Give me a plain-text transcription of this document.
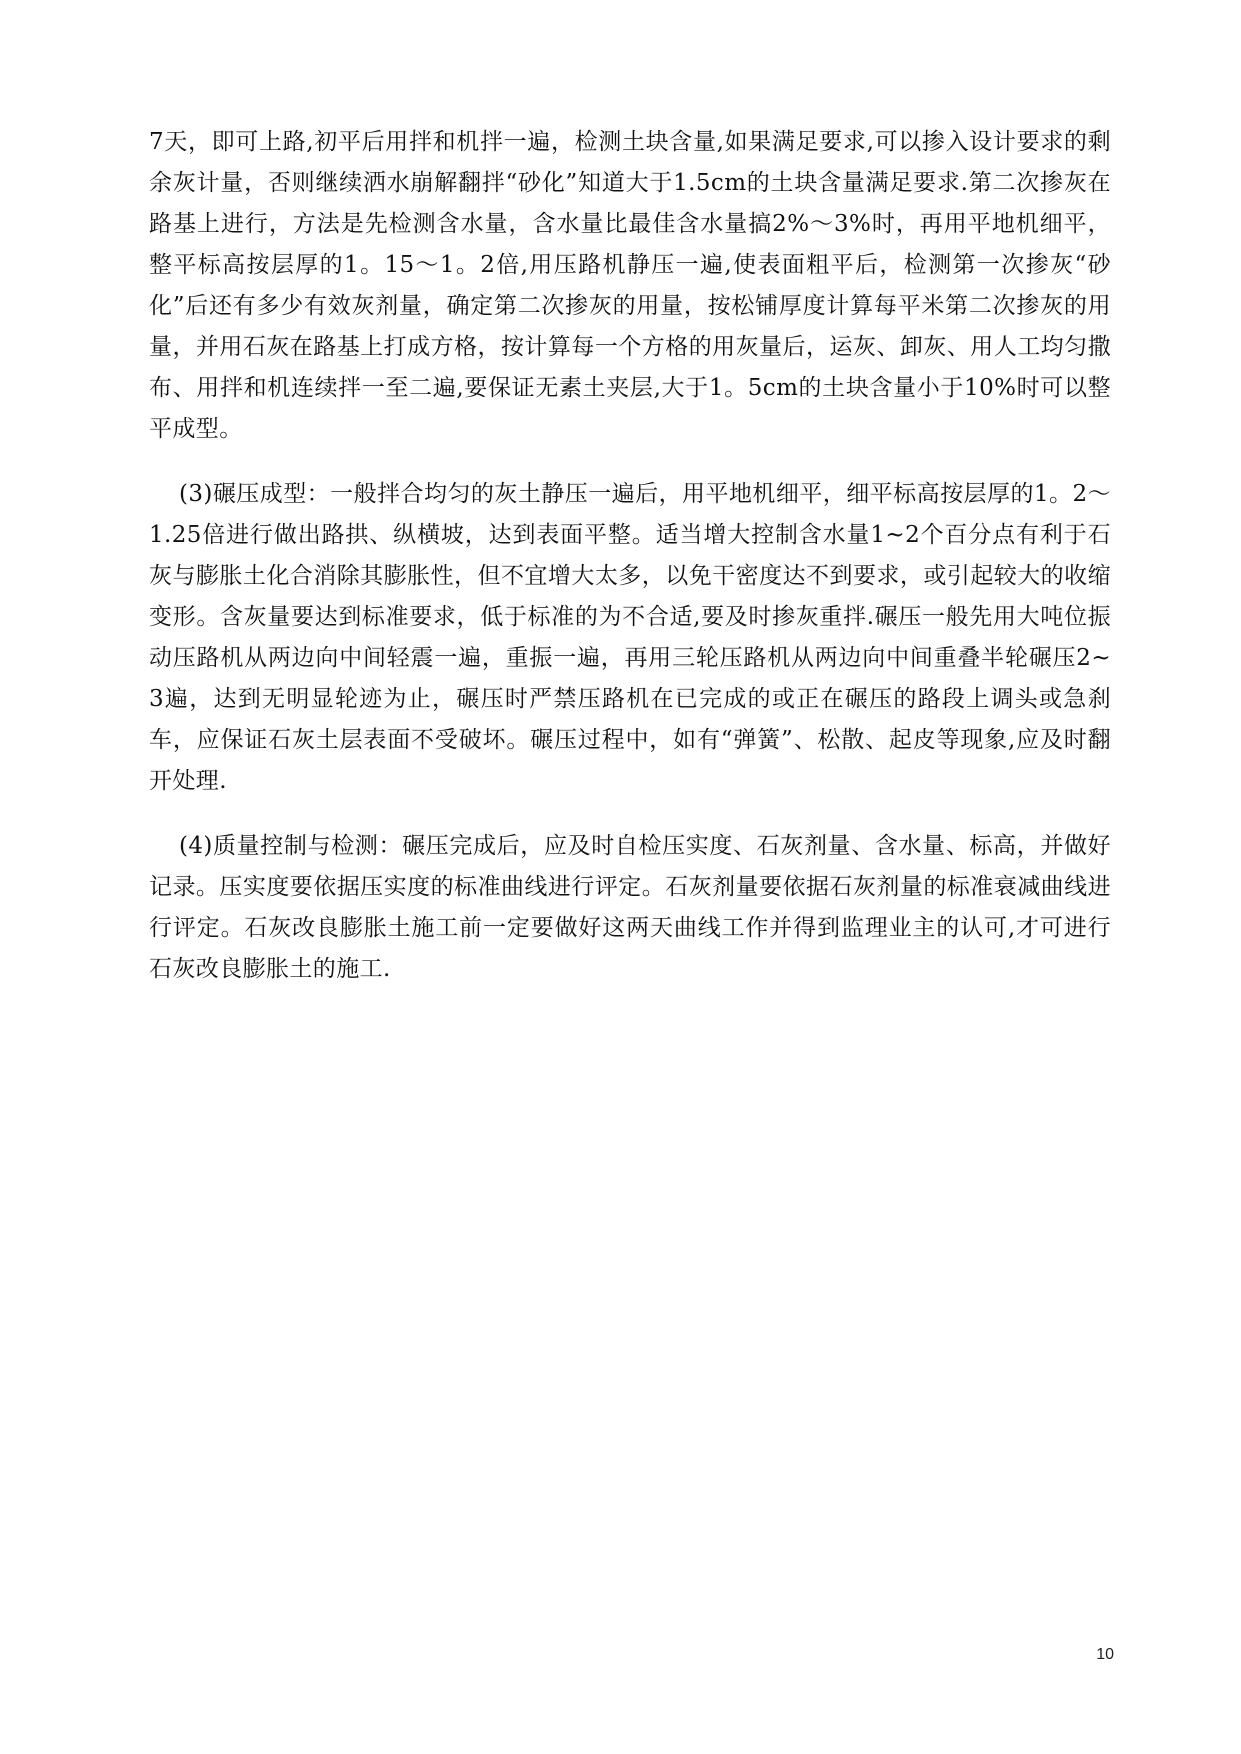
7天，即可上路,初平后用拌和机拌一遍，检测土块含量,如果满足要求,可以掺入设计要求的剩余灰计量，否则继续洒水崩解翻拌“砂化”知道大于1.5cm的土块含量满足要求.第二次掺灰在路基上进行，方法是先检测含水量，含水量比最佳含水量搞2%～3%时，再用平地机细平，整平标高按层厚的1。15～1。2倍,用压路机静压一遍,使表面粗平后，检测第一次掺灰“砂化”后还有多少有效灰剂量，确定第二次掺灰的用量，按松铺厚度计算每平米第二次掺灰的用量，并用石灰在路基上打成方格，按计算每一个方格的用灰量后，运灰、卸灰、用人工均匀撒布、用拌和机连续拌一至二遍,要保证无素土夹层,大于1。5cm的土块含量小于10%时可以整平成型。

(3)碾压成型：一般拌合均匀的灰土静压一遍后，用平地机细平，细平标高按层厚的1。2～1.25倍进行做出路拱、纵横坡，达到表面平整。适当增大控制含水量1~2个百分点有利于石灰与膨胀土化合消除其膨胀性，但不宜增大太多，以免干密度达不到要求，或引起较大的收缩变形。含灰量要达到标准要求，低于标准的为不合适,要及时掺灰重拌.碾压一般先用大吨位振动压路机从两边向中间轻震一遍，重振一遍，再用三轮压路机从两边向中间重叠半轮碾压2~3遍，达到无明显轮迹为止，碾压时严禁压路机在已完成的或正在碾压的路段上调头或急刹车，应保证石灰土层表面不受破坏。碾压过程中，如有“弹簧”、松散、起皮等现象,应及时翻开处理.

(4)质量控制与检测：碾压完成后，应及时自检压实度、石灰剂量、含水量、标高，并做好记录。压实度要依据压实度的标准曲线进行评定。石灰剂量要依据石灰剂量的标准衰减曲线进行评定。石灰改良膨胀土施工前一定要做好这两天曲线工作并得到监理业主的认可,才可进行石灰改良膨胀土的施工.

10
